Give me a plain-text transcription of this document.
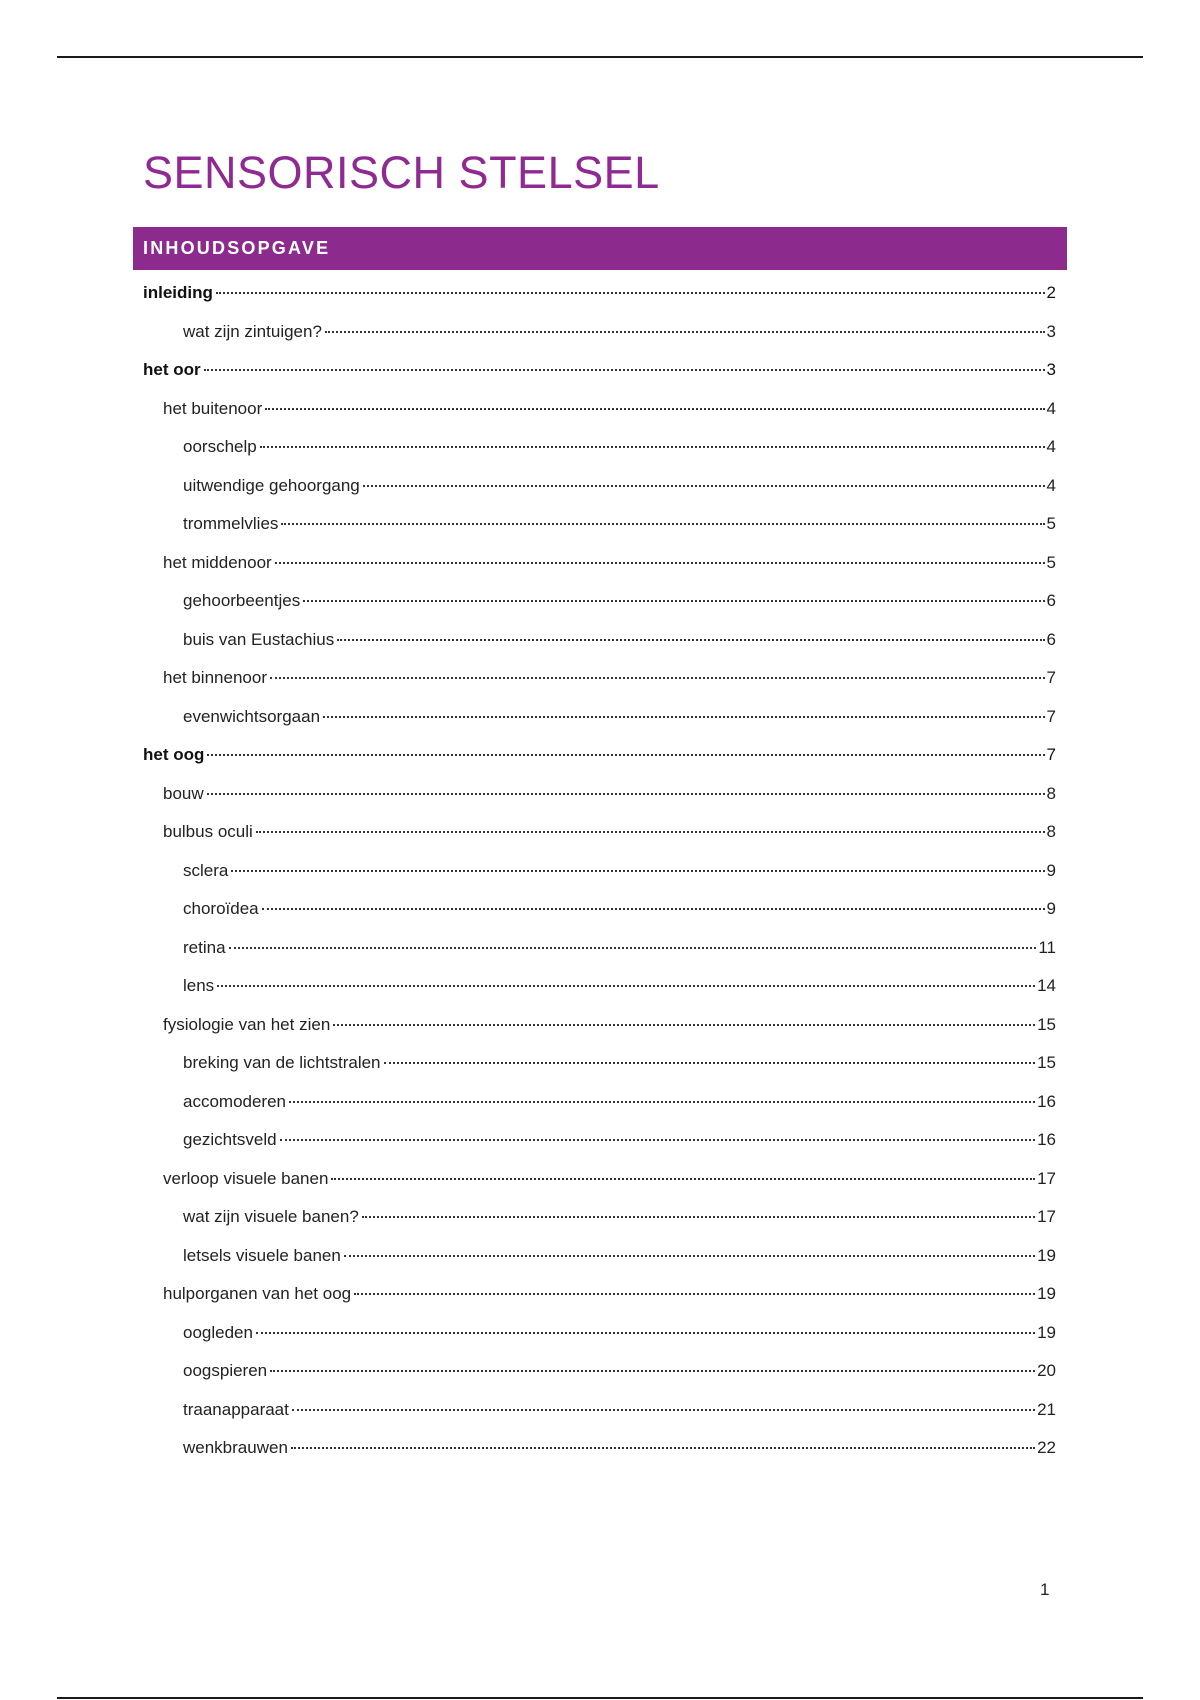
SENSORISCH STELSEL
INHOUDSOPGAVE
inleiding	2
wat zijn zintuigen?	3
het oor	3
het buitenoor	4
oorschelp	4
uitwendige gehoorgang	4
trommelvlies	5
het middenoor	5
gehoorbeentjes	6
buis van Eustachius	6
het binnenoor	7
evenwichtsorgaan	7
het oog	7
bouw	8
bulbus oculi	8
sclera	9
choroïdea	9
retina	11
lens	14
fysiologie van het zien	15
breking van de lichtstralen	15
accomoderen	16
gezichtsveld	16
verloop visuele banen	17
wat zijn visuele banen?	17
letsels visuele banen	19
hulporganen van het oog	19
oogleden	19
oogspieren	20
traanapparaat	21
wenkbrauwen	22
1
